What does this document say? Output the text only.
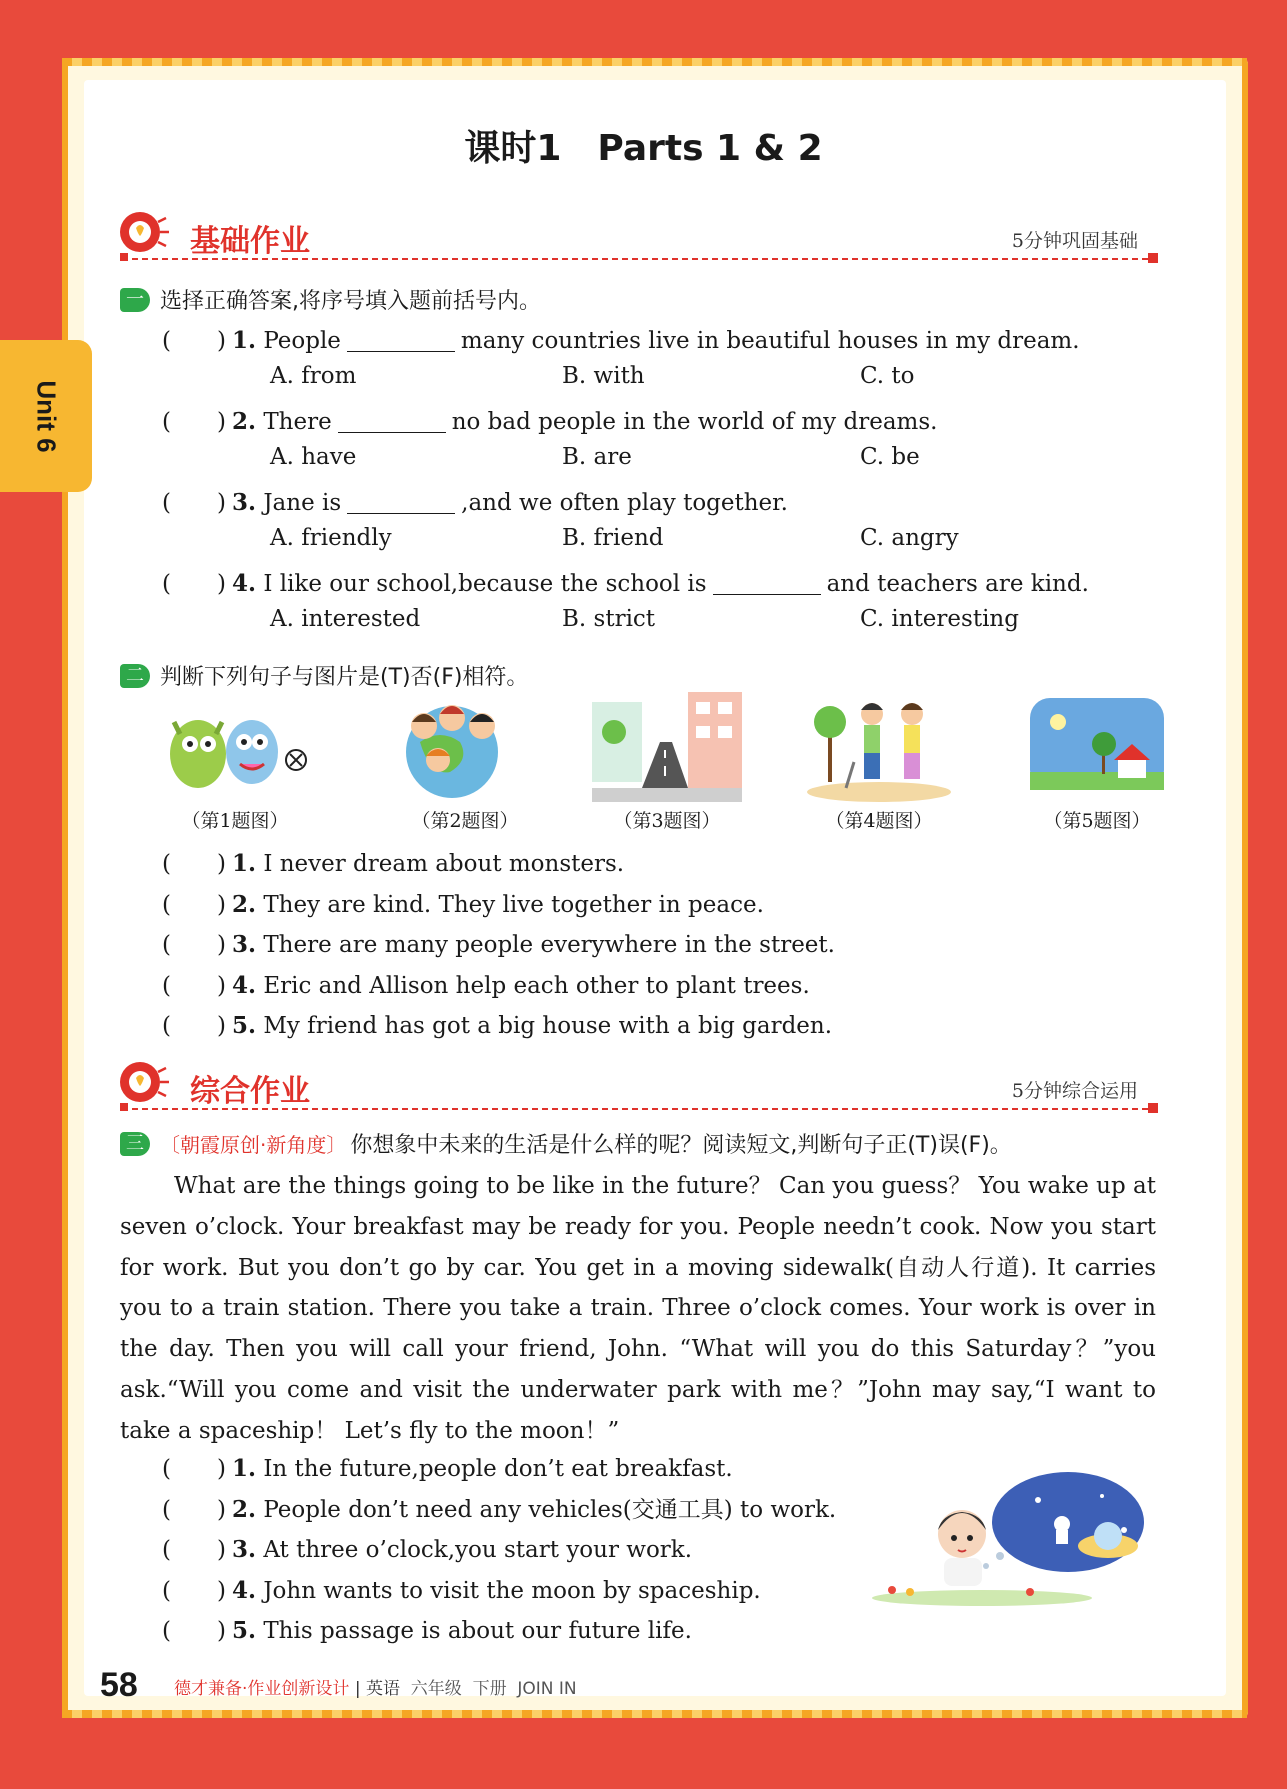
Unit 6
课时1　Parts 1 & 2
基础作业	5分钟巩固基础
一 选择正确答案,将序号填入题前括号内。
(　　) 1. People	many countries live in beautiful houses in my dream.
A. from	B. with	C. to
(　　) 2. There	no bad people in the world of my dreams.
A. have	B. are	C. be
(　　) 3. Jane is	,and we often play together.
A. friendly	B. friend	C. angry
(　　) 4. I like our school,because the school is	and teachers are kind.
A. interested	B. strict	C. interesting
二 判断下列句子与图片是(T)否(F)相符。
（第1题图）	（第2题图）	（第3题图）	（第4题图）	（第5题图）
(　　) 1. I never dream about monsters.
(　　) 2. They are kind. They live together in peace.
(　　) 3. There are many people everywhere in the street.
(　　) 4. Eric and Allison help each other to plant trees.
(　　) 5. My friend has got a big house with a big garden.
综合作业	5分钟综合运用
三 〔朝霞原创·新角度〕 你想象中未来的生活是什么样的呢？阅读短文,判断句子正(T)误(F)。
What are the things going to be like in the future？ Can you guess？ You wake up at seven o’clock. Your breakfast may be ready for you. People needn’t cook. Now you start for work. But you don’t go by car. You get in a moving sidewalk(自动人行道). It carries you to a train station. There you take a train. Three o’clock comes. Your work is over in the day. Then you will call your friend, John. “What will you do this Saturday？”you ask.“Will you come and visit the underwater park with me？”John may say,“I want to take a spaceship！ Let’s fly to the moon！”
(　　) 1. In the future,people don’t eat breakfast.
(　　) 2. People don’t need any vehicles(交通工具) to work.
(　　) 3. At three o’clock,you start your work.
(　　) 4. John wants to visit the moon by spaceship.
(　　) 5. This passage is about our future life.
58 德才兼备·作业创新设计 | 英语 六年级 下册 JOIN IN
